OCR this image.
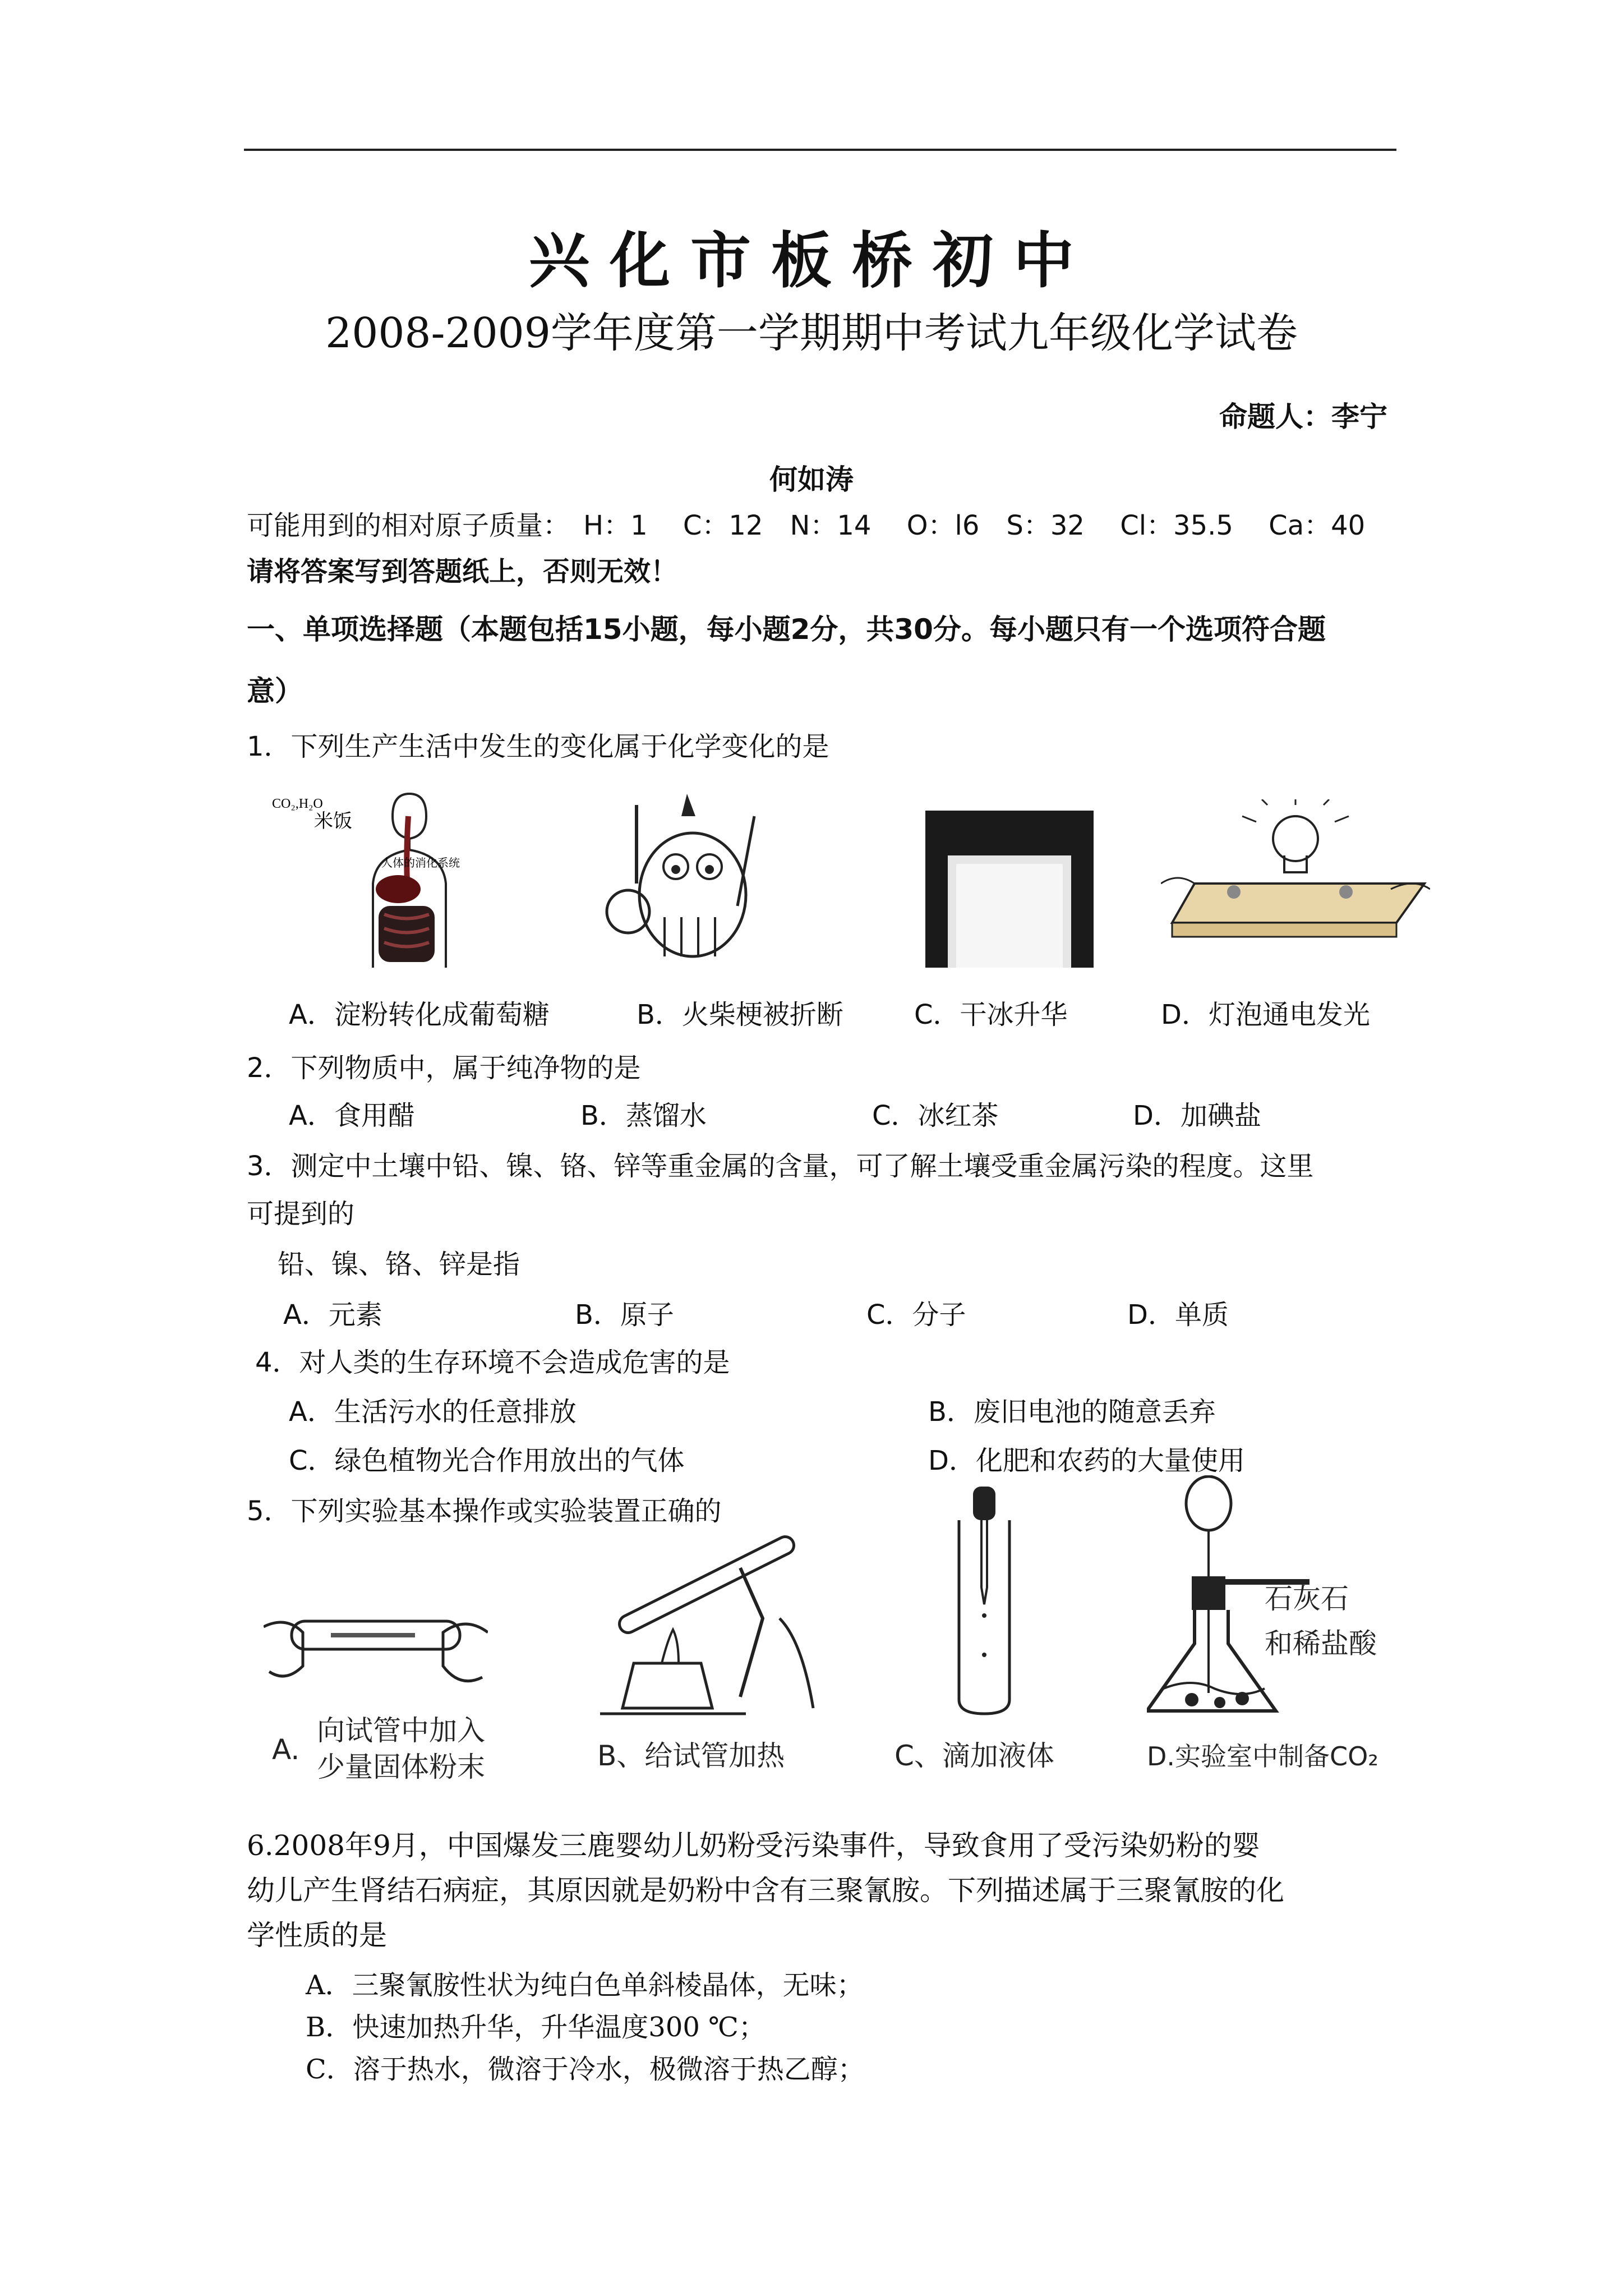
兴化市板桥初中
2008-2009学年度第一学期期中考试九年级化学试卷
命题人：李宁
何如涛
可能用到的相对原子质量：　H：1　 C：12　N：14　 O：l6　S：32　 Cl：35.5　 Ca：40
请将答案写到答题纸上，否则无效！
一、单项选择题（本题包括15小题，每小题2分，共30分。每小题只有一个选项符合题
意）
1．下列生产生活中发生的变化属于化学变化的是
CO₂,H₂O
米饭
人体的消化系统
A．淀粉转化成葡萄糖	B．火柴梗被折断	C．干冰升华	D．灯泡通电发光
2．下列物质中，属于纯净物的是
A．食用醋	B．蒸馏水	C．冰红茶	D．加碘盐
3．测定中土壤中铅、镍、铬、锌等重金属的含量，可了解土壤受重金属污染的程度。这里
可提到的
铅、镍、铬、锌是指
A．元素	B．原子	C．分子	D．单质
4．对人类的生存环境不会造成危害的是
A．生活污水的任意排放	B．废旧电池的随意丢弃
C．绿色植物光合作用放出的气体	D．化肥和农药的大量使用
5．下列实验基本操作或实验装置正确的
A.
向试管中加入
少量固体粉末	B、给试管加热	C、滴加液体
石灰石
和稀盐酸
D.实验室中制备CO₂
6.2008年9月，中国爆发三鹿婴幼儿奶粉受污染事件，导致食用了受污染奶粉的婴
幼儿产生肾结石病症，其原因就是奶粉中含有三聚氰胺。下列描述属于三聚氰胺的化
学性质的是
A．三聚氰胺性状为纯白色单斜棱晶体，无味；
B．快速加热升华，升华温度300 ℃；
C．溶于热水，微溶于冷水，极微溶于热乙醇；
